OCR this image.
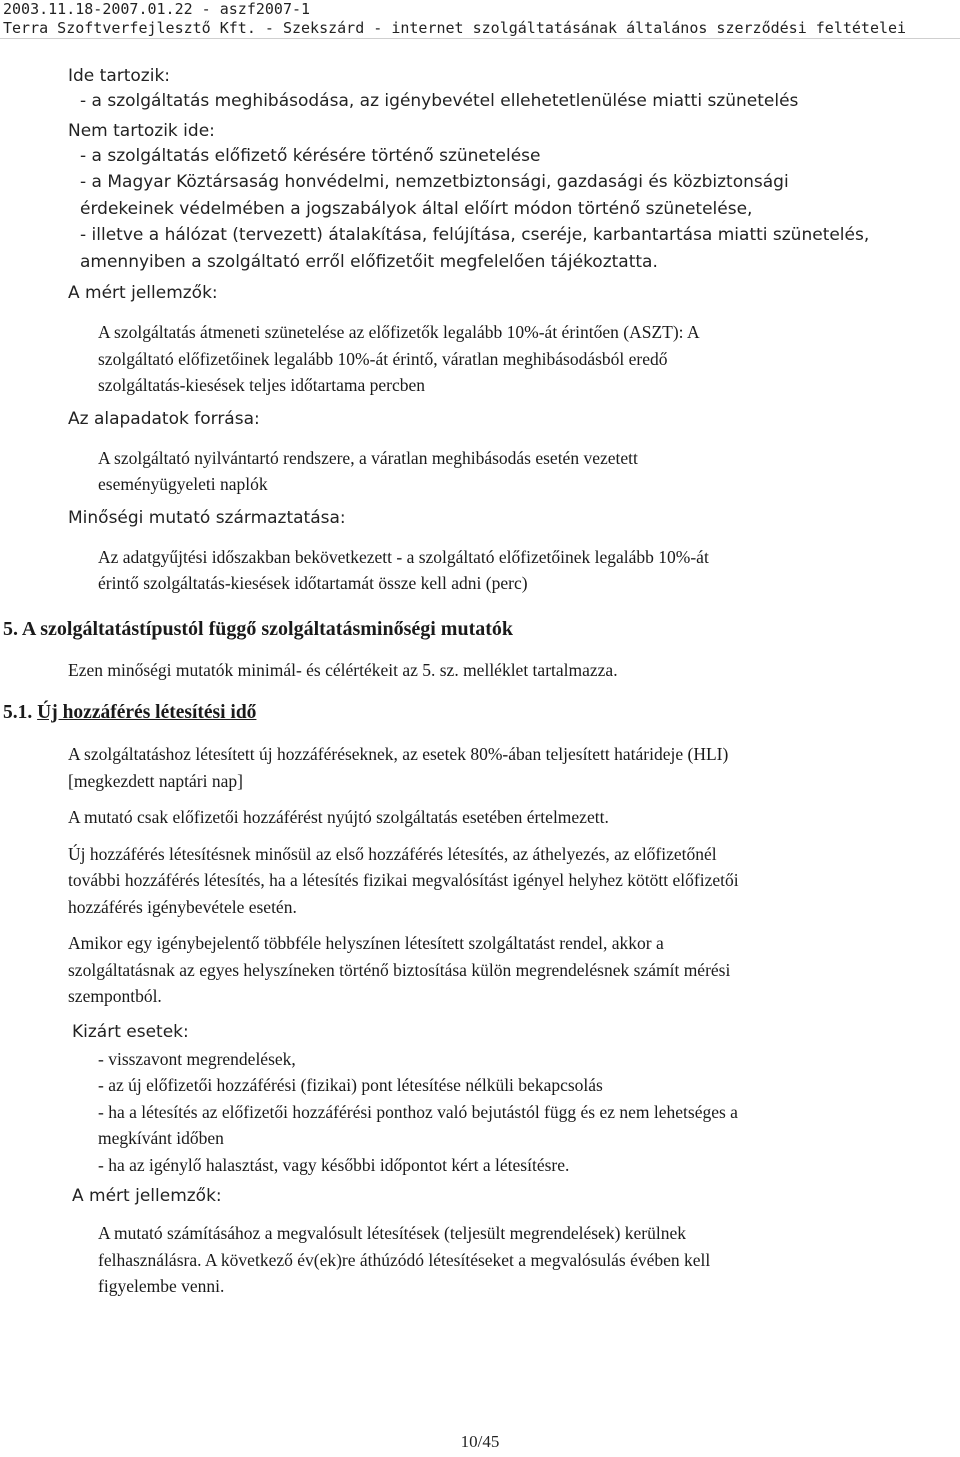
2003.11.18-2007.01.22 - aszf2007-1
Terra Szoftverfejlesztő Kft. - Szekszárd - internet szolgáltatásának általános szerződési feltételei
Ide tartozik:
- a szolgáltatás meghibásodása, az igénybevétel ellehetetlenülése miatti szünetelés
Nem tartozik ide:
- a szolgáltatás előfizető kérésére történő szünetelése
- a Magyar Köztársaság honvédelmi, nemzetbiztonsági, gazdasági és közbiztonsági
érdekeinek védelmében a jogszabályok által előírt módon történő szünetelése,
- illetve a hálózat (tervezett) átalakítása, felújítása, cseréje, karbantartása miatti szünetelés,
amennyiben a szolgáltató erről előfizetőit megfelelően tájékoztatta.
A mért jellemzők:
A szolgáltatás átmeneti szünetelése az előfizetők legalább 10%-át érintően (ASZT): A
szolgáltató előfizetőinek legalább 10%-át érintő, váratlan meghibásodásból eredő
szolgáltatás-kiesések teljes időtartama percben
Az alapadatok forrása:
A szolgáltató nyilvántartó rendszere, a váratlan meghibásodás esetén vezetett
eseményügyeleti naplók
Minőségi mutató származtatása:
Az adatgyűjtési időszakban bekövetkezett - a szolgáltató előfizetőinek legalább 10%-át
érintő szolgáltatás-kiesések időtartamát össze kell adni (perc)
5. A szolgáltatástípustól függő szolgáltatásminőségi mutatók
Ezen minőségi mutatók minimál- és célértékeit az 5. sz. melléklet tartalmazza.
5.1. Új hozzáférés létesítési idő
A szolgáltatáshoz létesített új hozzáféréseknek, az esetek 80%-ában teljesített határideje (HLI)
[megkezdett naptári nap]
A mutató csak előfizetői hozzáférést nyújtó szolgáltatás esetében értelmezett.
Új hozzáférés létesítésnek minősül az első hozzáférés létesítés, az áthelyezés, az előfizetőnél
további hozzáférés létesítés, ha a létesítés fizikai megvalósítást igényel helyhez kötött előfizetői
hozzáférés igénybevétele esetén.
Amikor egy igénybejelentő többféle helyszínen létesített szolgáltatást rendel, akkor a
szolgáltatásnak az egyes helyszíneken történő biztosítása külön megrendelésnek számít mérési
szempontból.
Kizárt esetek:
- visszavont megrendelések,
- az új előfizetői hozzáférési (fizikai) pont létesítése nélküli bekapcsolás
- ha a létesítés az előfizetői hozzáférési ponthoz való bejutástól függ és ez nem lehetséges a
megkívánt időben
- ha az igénylő halasztást, vagy későbbi időpontot kért a létesítésre.
A mért jellemzők:
A mutató számításához a megvalósult létesítések (teljesült megrendelések) kerülnek
felhasználásra. A következő év(ek)re áthúzódó létesítéseket a megvalósulás évében kell
figyelembe venni.
10/45
